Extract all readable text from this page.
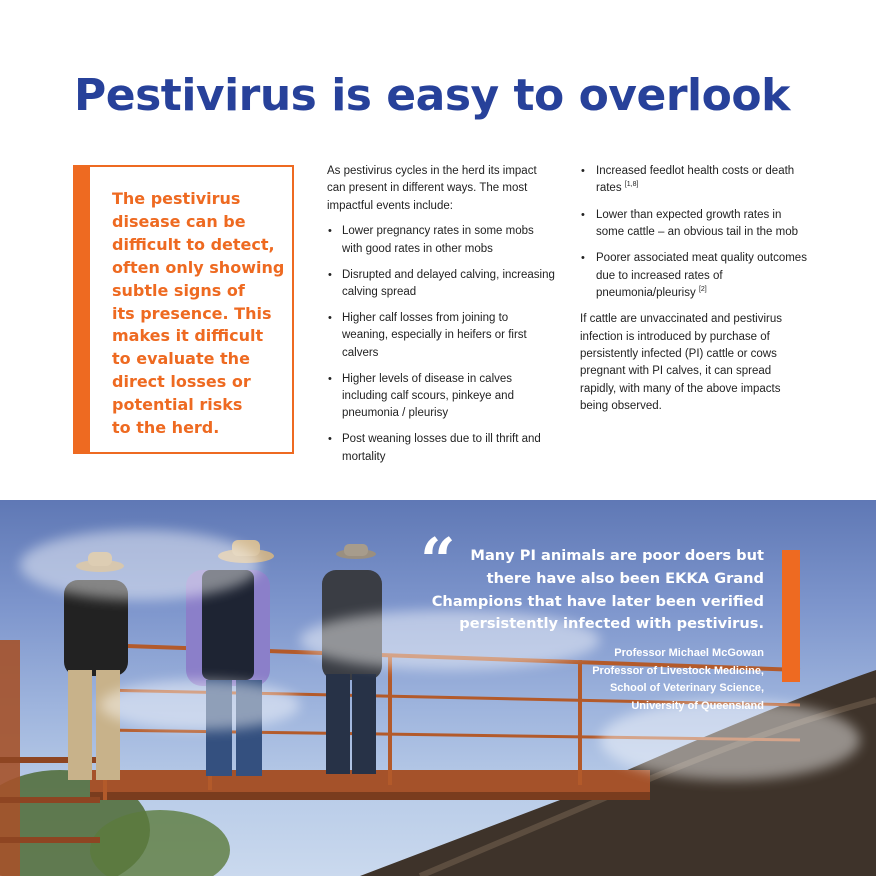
Pestivirus is easy to overlook
The pestivirus
disease can be
difficult to detect,
often only showing
subtle signs of
its presence. This
makes it difficult
to evaluate the
direct losses or
potential risks
to the herd.

As pestivirus cycles in the herd its impact can present in different ways. The most impactful events include:

• Lower pregnancy rates in some mobs with good rates in other mobs
• Disrupted and delayed calving, increasing calving spread
• Higher calf losses from joining to weaning, especially in heifers or first calvers
• Higher levels of disease in calves including calf scours, pinkeye and pneumonia / pleurisy
• Post weaning losses due to ill thrift and mortality
• Increased feedlot health costs or death rates [1,8]
• Lower than expected growth rates in some cattle – an obvious tail in the mob
• Poorer associated meat quality outcomes due to increased rates of pneumonia/pleurisy [2]

If cattle are unvaccinated and pestivirus infection is introduced by purchase of persistently infected (PI) cattle or cows pregnant with PI calves, it can spread rapidly, with many of the above impacts being observed.

“	Many PI animals are poor doers but
there have also been EKKA Grand
Champions that have later been verified
persistently infected with pestivirus.
Professor Michael McGowan
Professor of Livestock Medicine,
School of Veterinary Science,
University of Queensland
